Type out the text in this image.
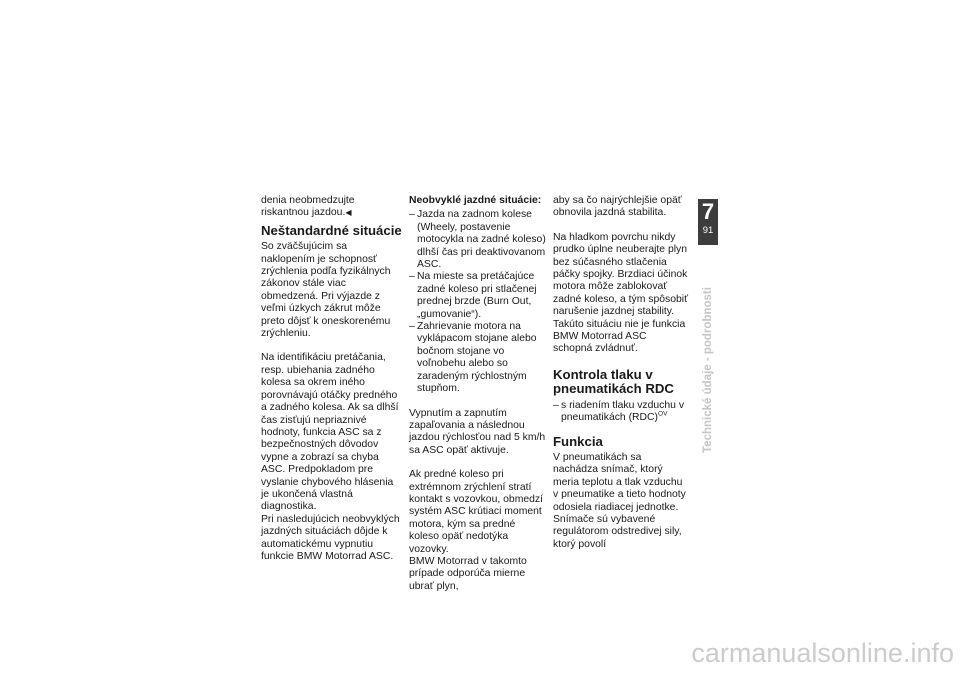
denia neobmedzujte riskantnou jazdou.◀

Neštandardné situácie

So zväčšujúcim sa naklopením je schopnosť zrýchlenia podľa fyzikálnych zákonov stále viac obmedzená. Pri výjazde z veľmi úzkych zákrut môže preto dôjsť k oneskorenému zrýchleniu.

Na identifikáciu pretáčania, resp. ubiehania zadného kolesa sa okrem iného porovnávajú otáčky predného a zadného kolesa. Ak sa dlhší čas zisťujú nepriaznivé hodnoty, funkcia ASC sa z bezpečnostných dôvodov vypne a zobrazí sa chyba ASC. Predpokladom pre vyslanie chybového hlásenia je ukončená vlastná diagnostika.

Pri nasledujúcich neobvyklých jazdných situáciách dôjde k automatickému vypnutiu funkcie BMW Motorrad ASC.

Neobvyklé jazdné situácie:

– Jazda na zadnom kolese (Wheely, postavenie motocykla na zadné koleso) dlhší čas pri deaktivovanom ASC.

– Na mieste sa pretáčajúce zadné koleso pri stlačenej prednej brzde (Burn Out, „gumovanie“).

– Zahrievanie motora na vyklápacom stojane alebo bočnom stojane vo voľnobehu alebo so zaradeným rýchlostným stupňom.

Vypnutím a zapnutím zapaľovania a následnou jazdou rýchlosťou nad 5 km/h sa ASC opäť aktivuje.

Ak predné koleso pri extrémnom zrýchlení stratí kontakt s vozovkou, obmedzí systém ASC krútiaci moment motora, kým sa predné koleso opäť nedotýka vozovky.

BMW Motorrad v takomto prípade odporúča mierne ubrať plyn,

aby sa čo najrýchlejšie opäť obnovila jazdná stabilita.

Na hladkom povrchu nikdy prudko úplne neuberajte plyn bez súčasného stlačenia páčky spojky. Brzdiaci účinok motora môže zablokovať zadné koleso, a tým spôsobiť narušenie jazdnej stability. Takúto situáciu nie je funkcia BMW Motorrad ASC schopná zvládnuť.

Kontrola tlaku v pneumatikách RDC

– s riadením tlaku vzduchu v pneumatikách (RDC)$^{OV}$

Funkcia

V pneumatikách sa nachádza snímač, ktorý meria teplotu a tlak vzduchu v pneumatike a tieto hodnoty odosiela riadiacej jednotke.

Snímače sú vybavené regulátorom odstredivej sily, ktorý povolí

7
91
Technické údaje - podrobnosti
carmanualsonline.info
